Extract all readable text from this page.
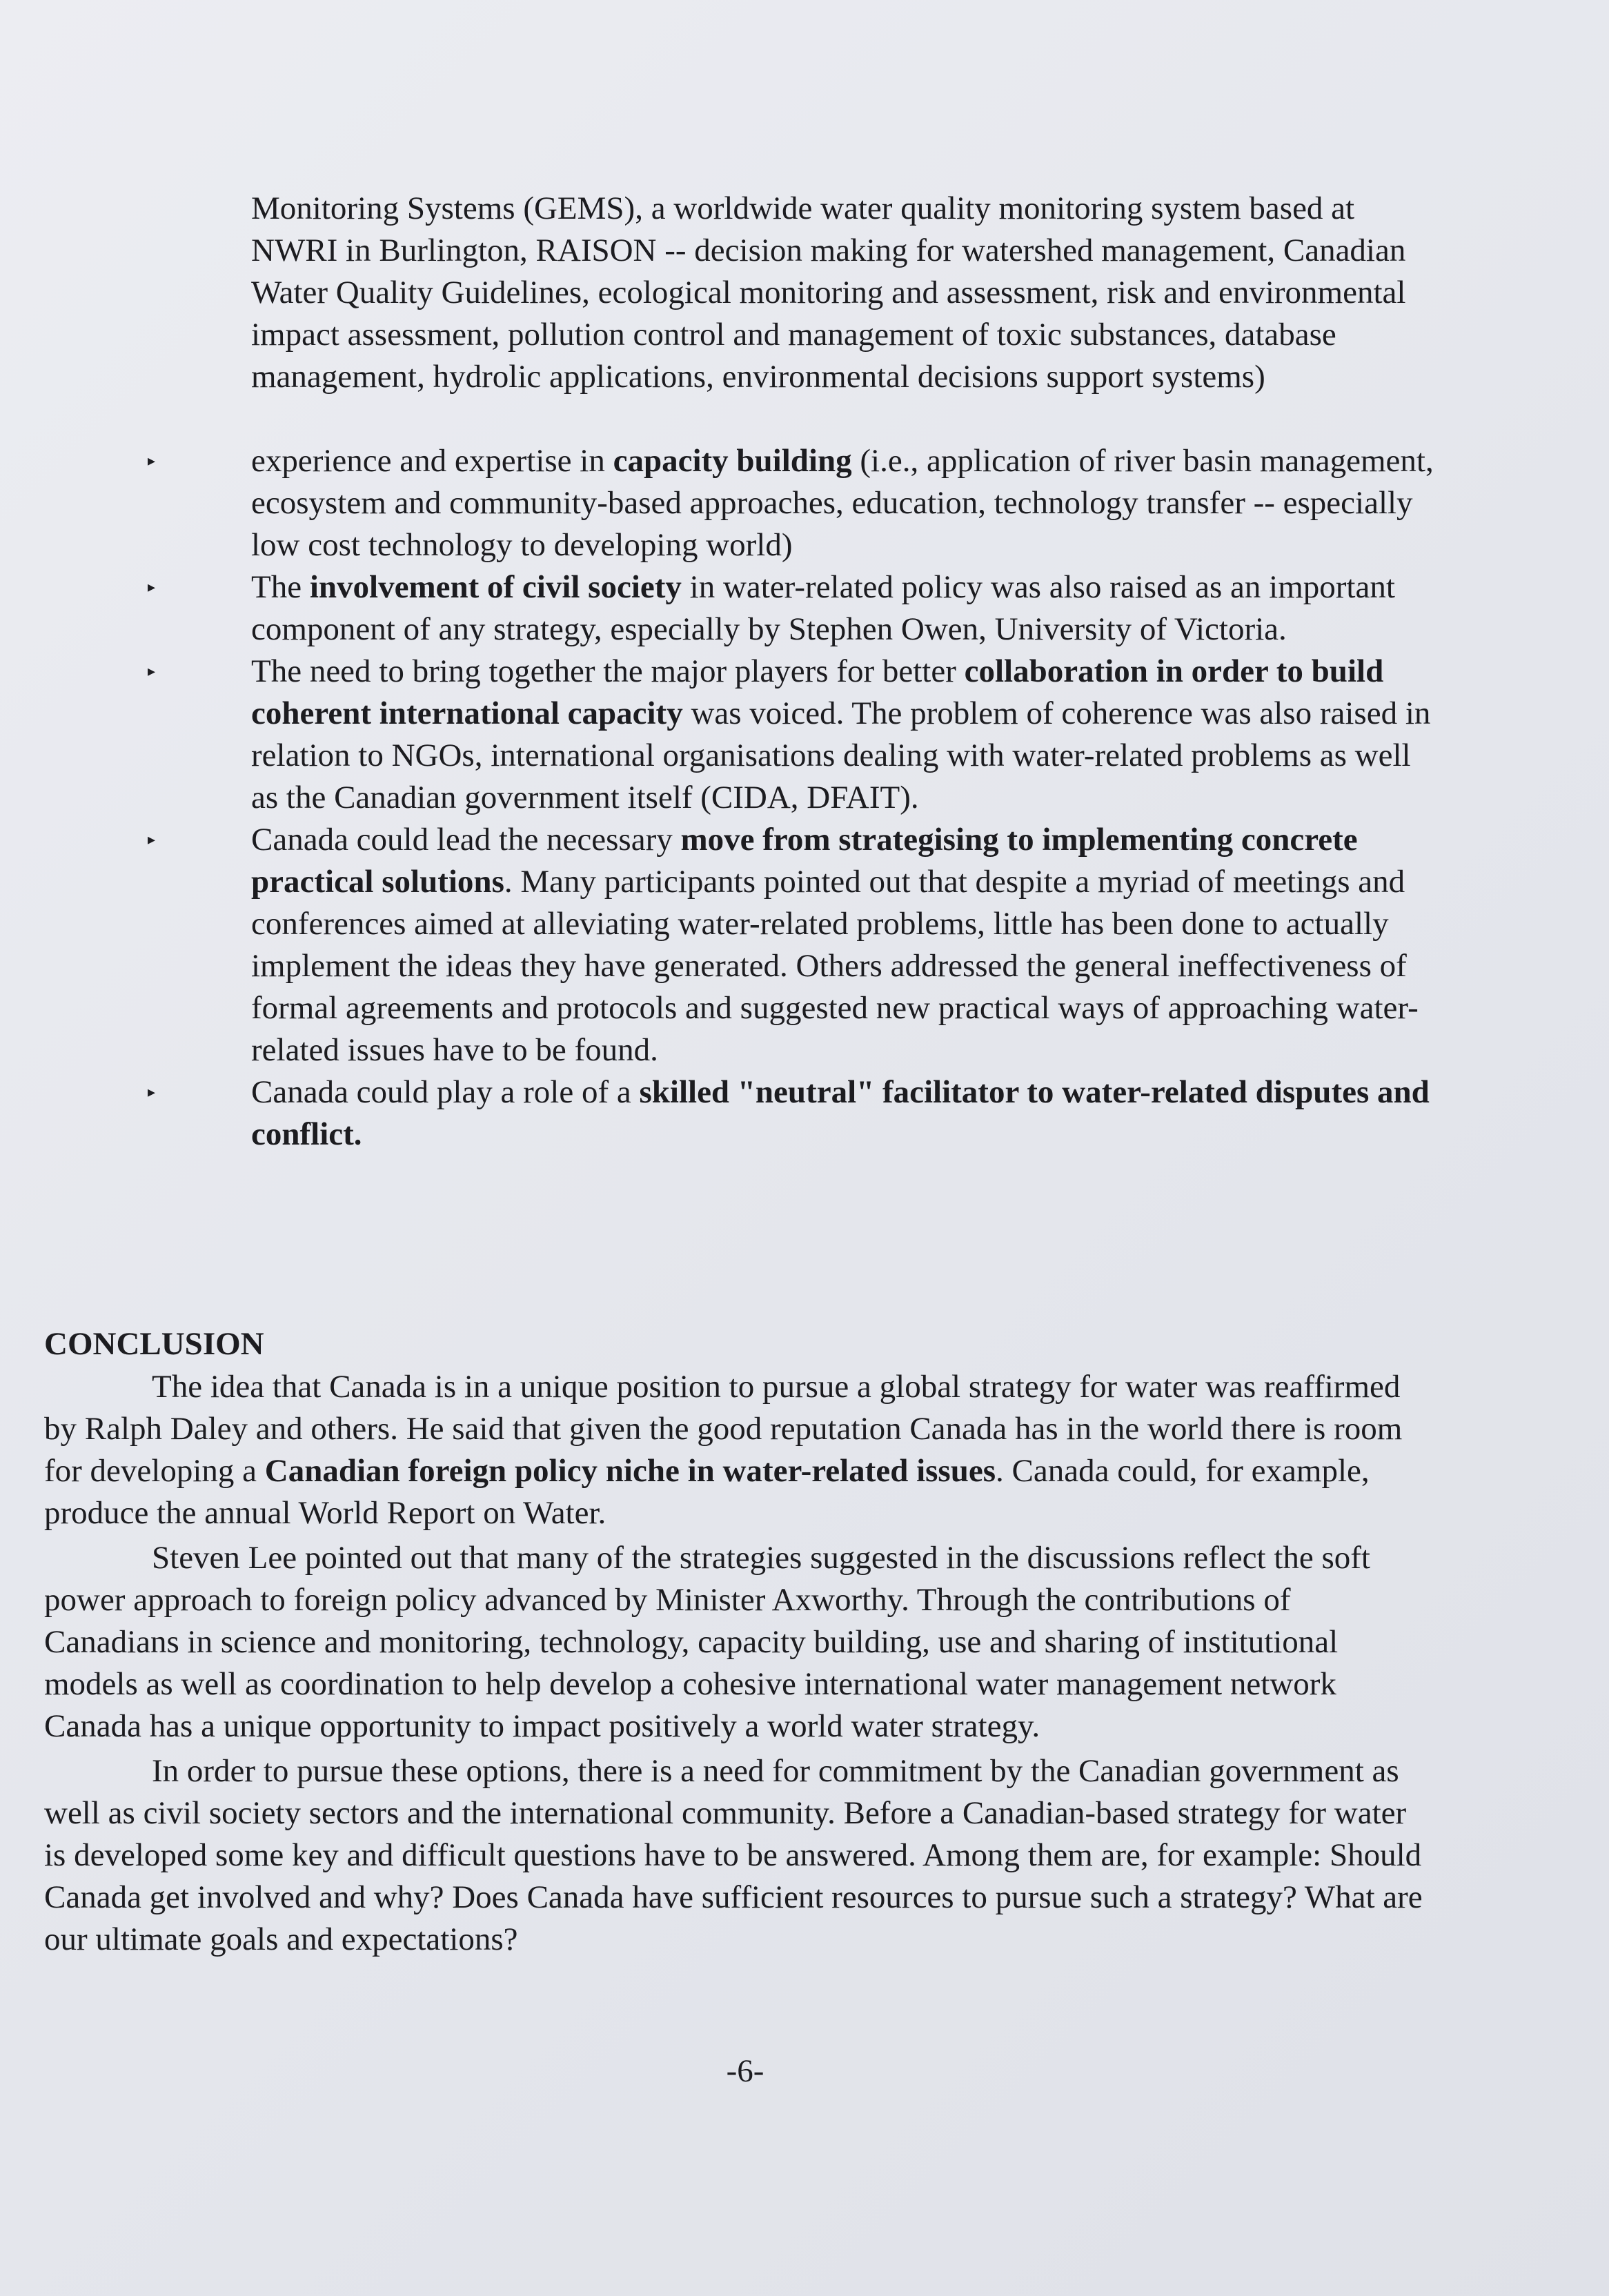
Monitoring Systems (GEMS), a worldwide water quality monitoring system based at NWRI in Burlington, RAISON -- decision making for watershed management, Canadian Water Quality Guidelines, ecological monitoring and assessment, risk and environmental impact assessment, pollution control and management of toxic substances, database management, hydrolic applications, environmental decisions support systems)
▸	experience and expertise in capacity building (i.e., application of river basin management, ecosystem and community-based approaches, education, technology transfer -- especially low cost technology to developing world)
▸	The involvement of civil society in water-related policy was also raised as an important component of any strategy, especially by Stephen Owen, University of Victoria.
▸	The need to bring together the major players for better collaboration in order to build coherent international capacity was voiced. The problem of coherence was also raised in relation to NGOs, international organisations dealing with water-related problems as well as the Canadian government itself (CIDA, DFAIT).
▸	Canada could lead the necessary move from strategising to implementing concrete practical solutions. Many participants pointed out that despite a myriad of meetings and conferences aimed at alleviating water-related problems, little has been done to actually implement the ideas they have generated. Others addressed the general ineffectiveness of formal agreements and protocols and suggested new practical ways of approaching water-related issues have to be found.
▸	Canada could play a role of a skilled "neutral" facilitator to water-related disputes and conflict.
CONCLUSION

The idea that Canada is in a unique position to pursue a global strategy for water was reaffirmed by Ralph Daley and others. He said that given the good reputation Canada has in the world there is room for developing a Canadian foreign policy niche in water-related issues. Canada could, for example, produce the annual World Report on Water.

Steven Lee pointed out that many of the strategies suggested in the discussions reflect the soft power approach to foreign policy advanced by Minister Axworthy. Through the contributions of Canadians in science and monitoring, technology, capacity building, use and sharing of institutional models as well as coordination to help develop a cohesive international water management network Canada has a unique opportunity to impact positively a world water strategy.

In order to pursue these options, there is a need for commitment by the Canadian government as well as civil society sectors and the international community. Before a Canadian-based strategy for water is developed some key and difficult questions have to be answered. Among them are, for example: Should Canada get involved and why? Does Canada have sufficient resources to pursue such a strategy? What are our ultimate goals and expectations?

-6-
